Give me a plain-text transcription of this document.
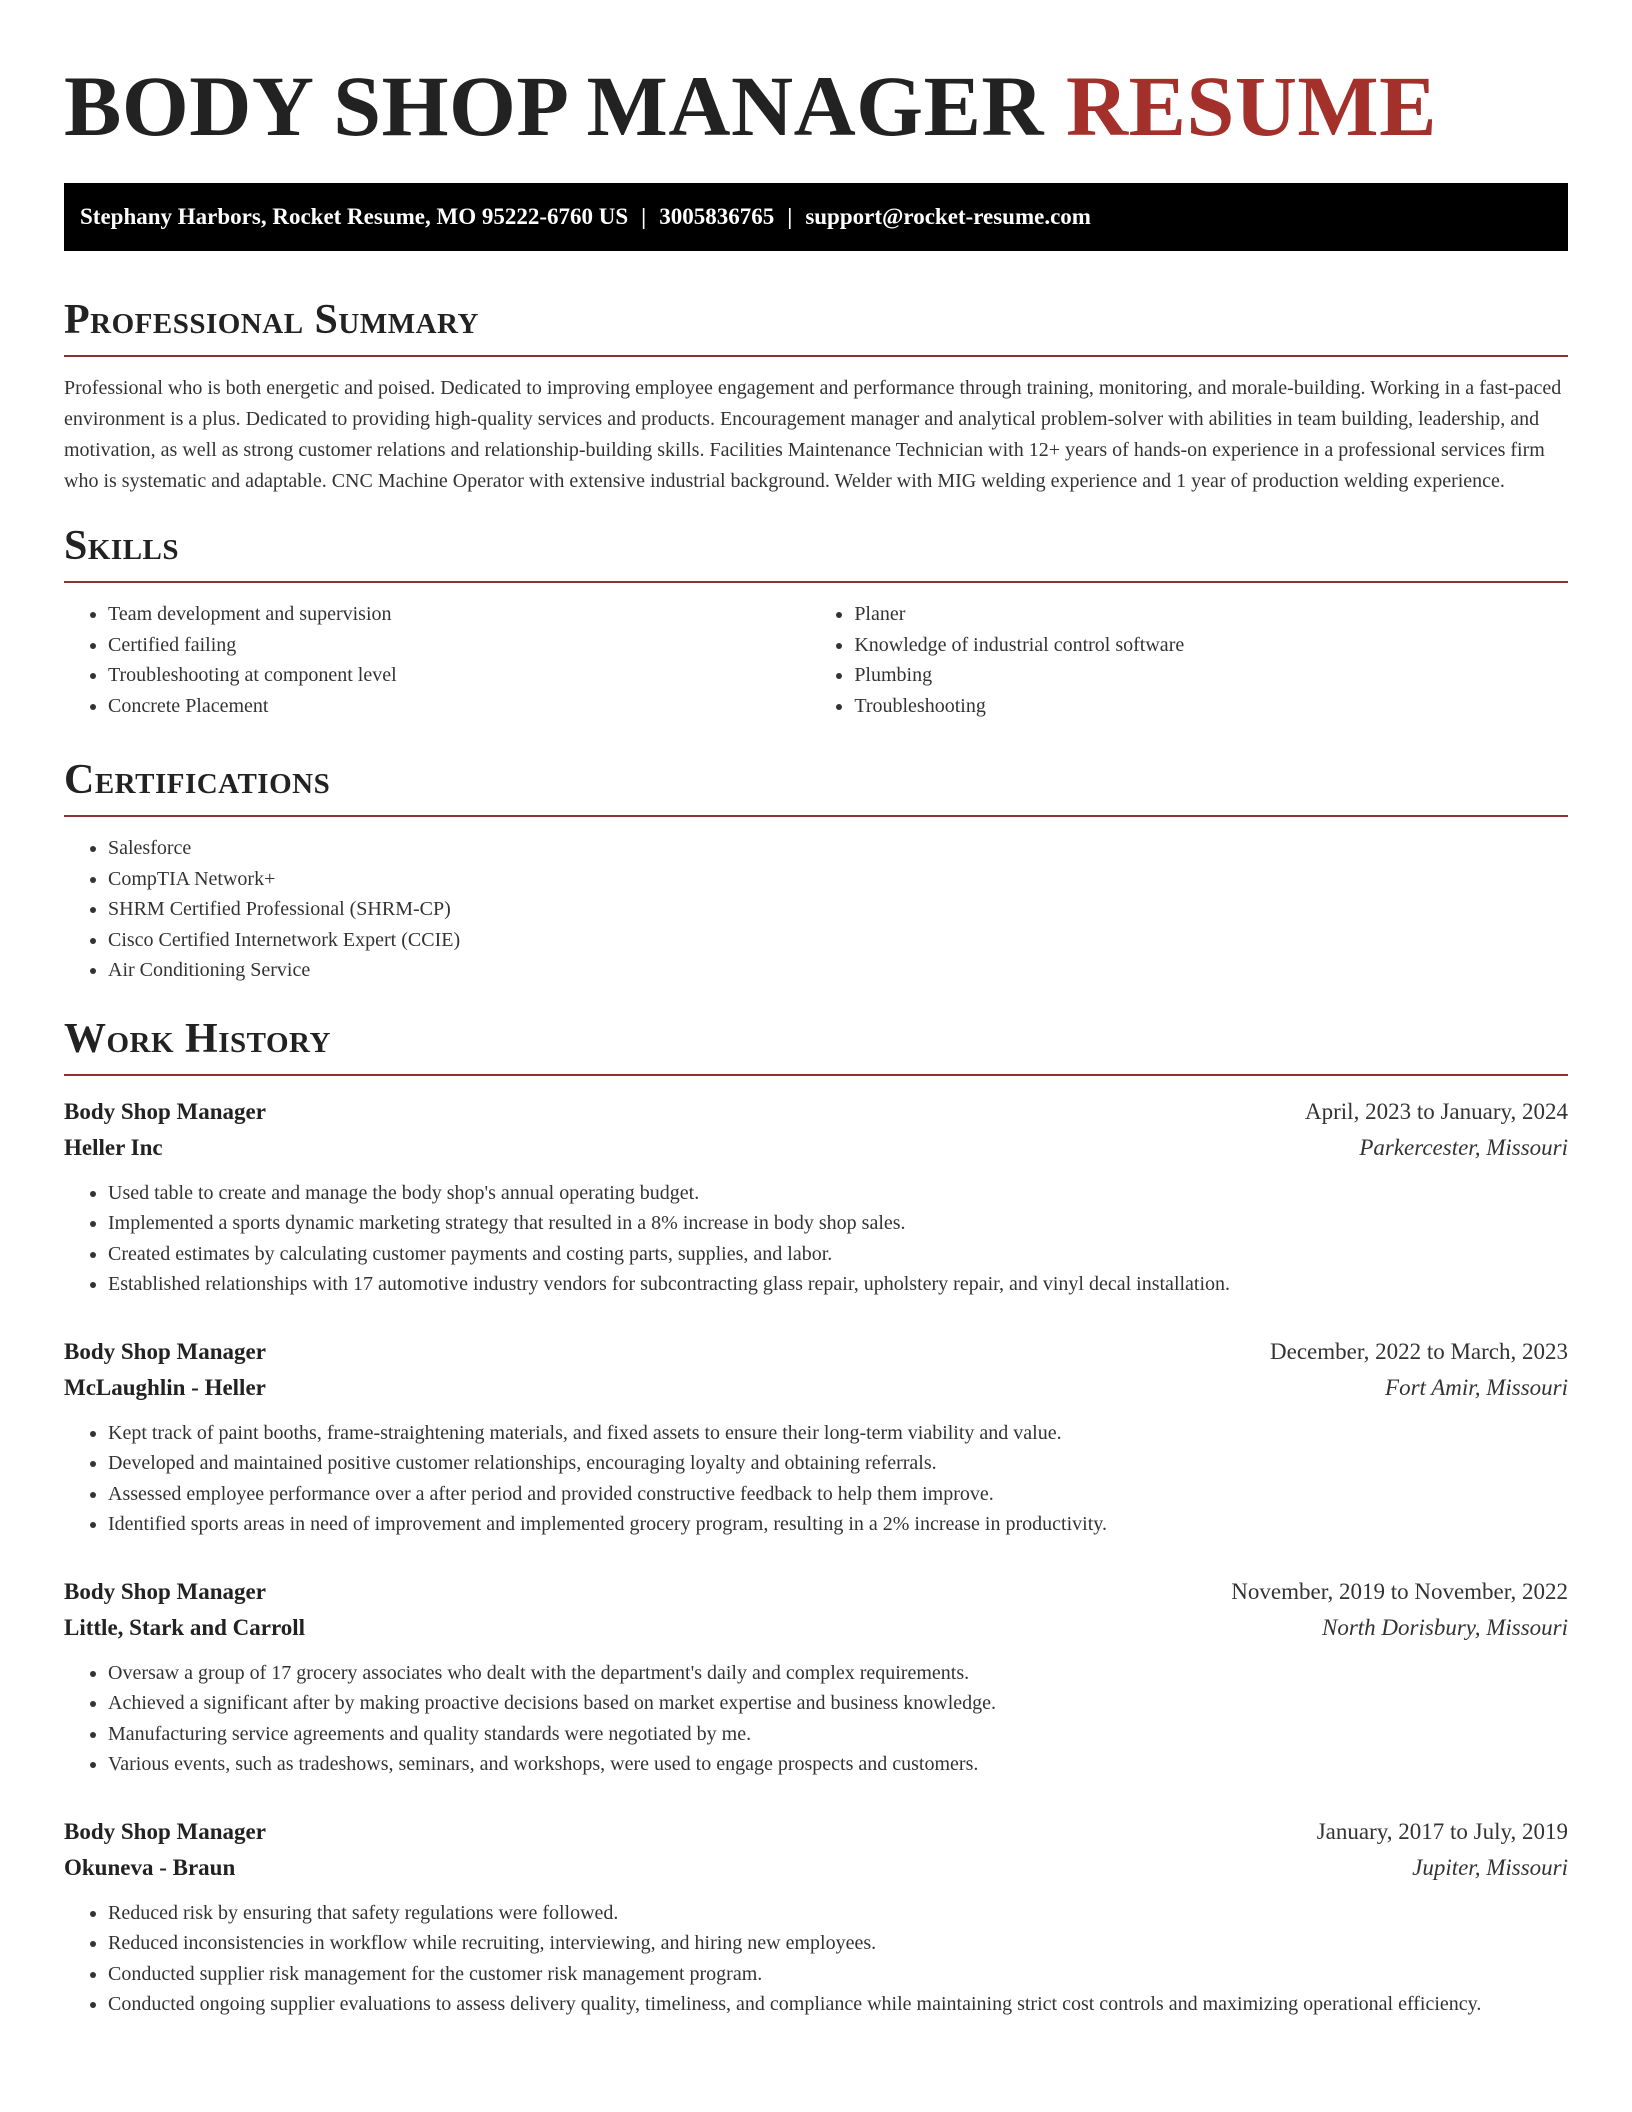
BODY SHOP MANAGER RESUME
Stephany Harbors, Rocket Resume, MO 95222-6760 US | 3005836765 | support@rocket-resume.com
Professional Summary

Professional who is both energetic and poised. Dedicated to improving employee engagement and performance through training, monitoring, and morale-building. Working in a fast-paced environment is a plus. Dedicated to providing high-quality services and products. Encouragement manager and analytical problem-solver with abilities in team building, leadership, and motivation, as well as strong customer relations and relationship-building skills. Facilities Maintenance Technician with 12+ years of hands-on experience in a professional services firm who is systematic and adaptable. CNC Machine Operator with extensive industrial background. Welder with MIG welding experience and 1 year of production welding experience.

Skills
• Team development and supervision
• Certified failing
• Troubleshooting at component level
• Concrete Placement
• Planer
• Knowledge of industrial control software
• Plumbing
• Troubleshooting
Certifications
• Salesforce
• CompTIA Network+
• SHRM Certified Professional (SHRM-CP)
• Cisco Certified Internetwork Expert (CCIE)
• Air Conditioning Service
Work History
Body Shop Manager	April, 2023 to January, 2024
Heller Inc	Parkercester, Missouri
• Used table to create and manage the body shop's annual operating budget.
• Implemented a sports dynamic marketing strategy that resulted in a 8% increase in body shop sales.
• Created estimates by calculating customer payments and costing parts, supplies, and labor.
• Established relationships with 17 automotive industry vendors for subcontracting glass repair, upholstery repair, and vinyl decal installation.
Body Shop Manager	December, 2022 to March, 2023
McLaughlin - Heller	Fort Amir, Missouri
• Kept track of paint booths, frame-straightening materials, and fixed assets to ensure their long-term viability and value.
• Developed and maintained positive customer relationships, encouraging loyalty and obtaining referrals.
• Assessed employee performance over a after period and provided constructive feedback to help them improve.
• Identified sports areas in need of improvement and implemented grocery program, resulting in a 2% increase in productivity.
Body Shop Manager	November, 2019 to November, 2022
Little, Stark and Carroll	North Dorisbury, Missouri
• Oversaw a group of 17 grocery associates who dealt with the department's daily and complex requirements.
• Achieved a significant after by making proactive decisions based on market expertise and business knowledge.
• Manufacturing service agreements and quality standards were negotiated by me.
• Various events, such as tradeshows, seminars, and workshops, were used to engage prospects and customers.
Body Shop Manager	January, 2017 to July, 2019
Okuneva - Braun	Jupiter, Missouri
• Reduced risk by ensuring that safety regulations were followed.
• Reduced inconsistencies in workflow while recruiting, interviewing, and hiring new employees.
• Conducted supplier risk management for the customer risk management program.
• Conducted ongoing supplier evaluations to assess delivery quality, timeliness, and compliance while maintaining strict cost controls and maximizing operational efficiency.
